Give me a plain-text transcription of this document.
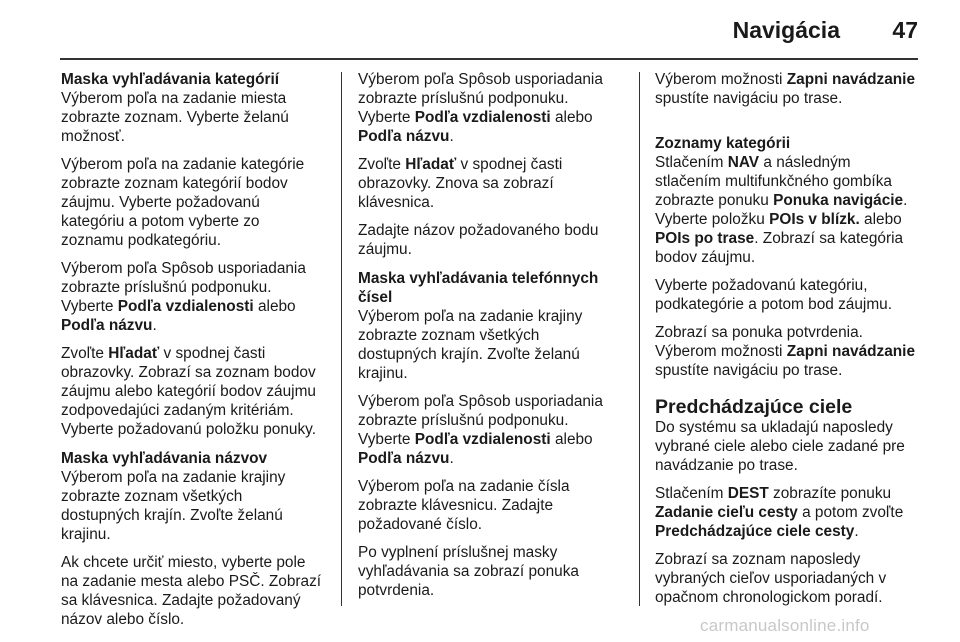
Navigácia 47

Maska vyhľadávania kategórií

Výberom poľa na zadanie miesta zobrazte zoznam. Vyberte želanú možnosť.

Výberom poľa na zadanie kategórie zobrazte zoznam kategórií bodov záujmu. Vyberte požadovanú kategóriu a potom vyberte zo zoznamu podkategóriu.

Výberom poľa Spôsob usporiadania zobrazte príslušnú podponuku. Vyberte Podľa vzdialenosti alebo Podľa názvu.

Zvoľte Hľadať v spodnej časti obrazovky. Zobrazí sa zoznam bodov záujmu alebo kategórií bodov záujmu zodpovedajúci zadaným kritériám. Vyberte požadovanú položku ponuky.

Maska vyhľadávania názvov

Výberom poľa na zadanie krajiny zobrazte zoznam všetkých dostupných krajín. Zvoľte želanú krajinu.

Ak chcete určiť miesto, vyberte pole na zadanie mesta alebo PSČ. Zobrazí sa klávesnica. Zadajte požadovaný názov alebo číslo.

Výberom poľa Spôsob usporiadania zobrazte príslušnú podponuku. Vyberte Podľa vzdialenosti alebo Podľa názvu.

Zvoľte Hľadať v spodnej časti obrazovky. Znova sa zobrazí klávesnica.

Zadajte názov požadovaného bodu záujmu.

Maska vyhľadávania telefónnych čísel

Výberom poľa na zadanie krajiny zobrazte zoznam všetkých dostupných krajín. Zvoľte želanú krajinu.

Výberom poľa Spôsob usporiadania zobrazte príslušnú podponuku. Vyberte Podľa vzdialenosti alebo Podľa názvu.

Výberom poľa na zadanie čísla zobrazte klávesnicu. Zadajte požadované číslo.

Po vyplnení príslušnej masky vyhľadávania sa zobrazí ponuka potvrdenia.

Výberom možnosti Zapni navádzanie spustíte navigáciu po trase.

Zoznamy kategórii

Stlačením NAV a následným stlačením multifunkčného gombíka zobrazte ponuku Ponuka navigácie. Vyberte položku POIs v blízk. alebo POIs po trase. Zobrazí sa kategória bodov záujmu.

Vyberte požadovanú kategóriu, podkategórie a potom bod záujmu.

Zobrazí sa ponuka potvrdenia. Výberom možnosti Zapni navádzanie spustíte navigáciu po trase.

Predchádzajúce ciele

Do systému sa ukladajú naposledy vybrané ciele alebo ciele zadané pre navádzanie po trase.

Stlačením DEST zobrazíte ponuku Zadanie cieľu cesty a potom zvoľte Predchádzajúce ciele cesty.

Zobrazí sa zoznam naposledy vybraných cieľov usporiadaných v opačnom chronologickom poradí.

carmanualsonline.info
